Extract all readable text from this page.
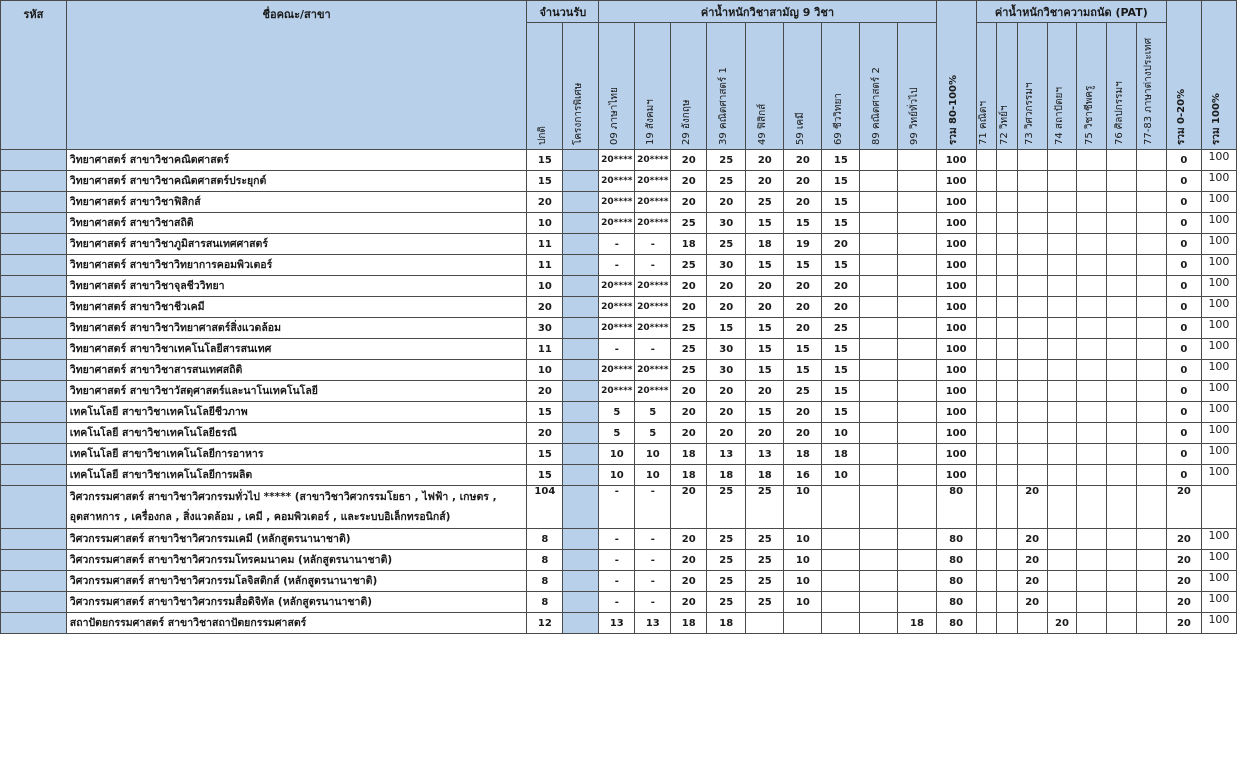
รหัส	ชื่อคณะ/สาขา	จำนวนรับ		ค่าน้ำหนักวิชาสามัญ 9 วิชา									รวม 80-100%	ค่าน้ำหนักวิชาความถนัด (PAT)							รวม 0-20%	รวม 100%

		ปกติ	โครงการพิเศษ	09 ภาษาไทย	19 สังคมฯ	29 อังกฤษ	39 คณิตศาสตร์ 1	49 ฟิสิกส์	59 เคมี	69 ชีววิทยา	89 คณิตศาสตร์ 2	99 วิทย์ทั่วไป		71 คณิตฯ	72 วิทย์ฯ	73 วิศวกรรมฯ	74 สถาปัตยฯ	75 วิชาชีพครู	76 ศิลปกรรมฯ	77-83 ภาษาต่างประเทศ		

	วิทยาศาสตร์ สาขาวิชาคณิตศาสตร์	15		20****	20****	20	25	20	20	15			100								0	100
	วิทยาศาสตร์ สาขาวิชาคณิตศาสตร์ประยุกต์	15		20****	20****	20	25	20	20	15			100								0	100
	วิทยาศาสตร์ สาขาวิชาฟิสิกส์	20		20****	20****	20	20	25	20	15			100								0	100
	วิทยาศาสตร์ สาขาวิชาสถิติ	10		20****	20****	25	30	15	15	15			100								0	100
	วิทยาศาสตร์ สาขาวิชาภูมิสารสนเทศศาสตร์	11		-	-	18	25	18	19	20			100								0	100
	วิทยาศาสตร์ สาขาวิชาวิทยาการคอมพิวเตอร์	11		-	-	25	30	15	15	15			100								0	100
	วิทยาศาสตร์ สาขาวิชาจุลชีววิทยา	10		20****	20****	20	20	20	20	20			100								0	100
	วิทยาศาสตร์ สาขาวิชาชีวเคมี	20		20****	20****	20	20	20	20	20			100								0	100
	วิทยาศาสตร์ สาขาวิชาวิทยาศาสตร์สิ่งแวดล้อม	30		20****	20****	25	15	15	20	25			100								0	100
	วิทยาศาสตร์ สาขาวิชาเทคโนโลยีสารสนเทศ	11		-	-	25	30	15	15	15			100								0	100
	วิทยาศาสตร์ สาขาวิชาสารสนเทศสถิติ	10		20****	20****	25	30	15	15	15			100								0	100
	วิทยาศาสตร์ สาขาวิชาวัสดุศาสตร์และนาโนเทคโนโลยี	20		20****	20****	20	20	20	25	15			100								0	100
	เทคโนโลยี สาขาวิชาเทคโนโลยีชีวภาพ	15		5	5	20	20	15	20	15			100								0	100
	เทคโนโลยี สาขาวิชาเทคโนโลยีธรณี	20		5	5	20	20	20	20	10			100								0	100
	เทคโนโลยี สาขาวิชาเทคโนโลยีการอาหาร	15		10	10	18	13	13	18	18			100								0	100
	เทคโนโลยี สาขาวิชาเทคโนโลยีการผลิต	15		10	10	18	18	18	16	10			100								0	100
	วิศวกรรมศาสตร์ สาขาวิชาวิศวกรรมทั่วไป ***** (สาขาวิชาวิศวกรรมโยธา , ไฟฟ้า , เกษตร , อุตสาหการ , เครื่องกล , สิ่งแวดล้อม , เคมี , คอมพิวเตอร์ , และระบบอิเล็กทรอนิกส์)	104		-	-	20	25	25	10				80			20					20	
	วิศวกรรมศาสตร์ สาขาวิชาวิศวกรรมเคมี (หลักสูตรนานาชาติ)	8		-	-	20	25	25	10				80			20					20	100
	วิศวกรรมศาสตร์ สาขาวิชาวิศวกรรมโทรคมนาคม (หลักสูตรนานาชาติ)	8		-	-	20	25	25	10				80			20					20	100
	วิศวกรรมศาสตร์ สาขาวิชาวิศวกรรมโลจิสติกส์ (หลักสูตรนานาชาติ)	8		-	-	20	25	25	10				80			20					20	100
	วิศวกรรมศาสตร์ สาขาวิชาวิศวกรรมสื่อดิจิทัล (หลักสูตรนานาชาติ)	8		-	-	20	25	25	10				80			20					20	100
	สถาปัตยกรรมศาสตร์ สาขาวิชาสถาปัตยกรรมศาสตร์	12		13	13	18	18					18	80				20				20	100
